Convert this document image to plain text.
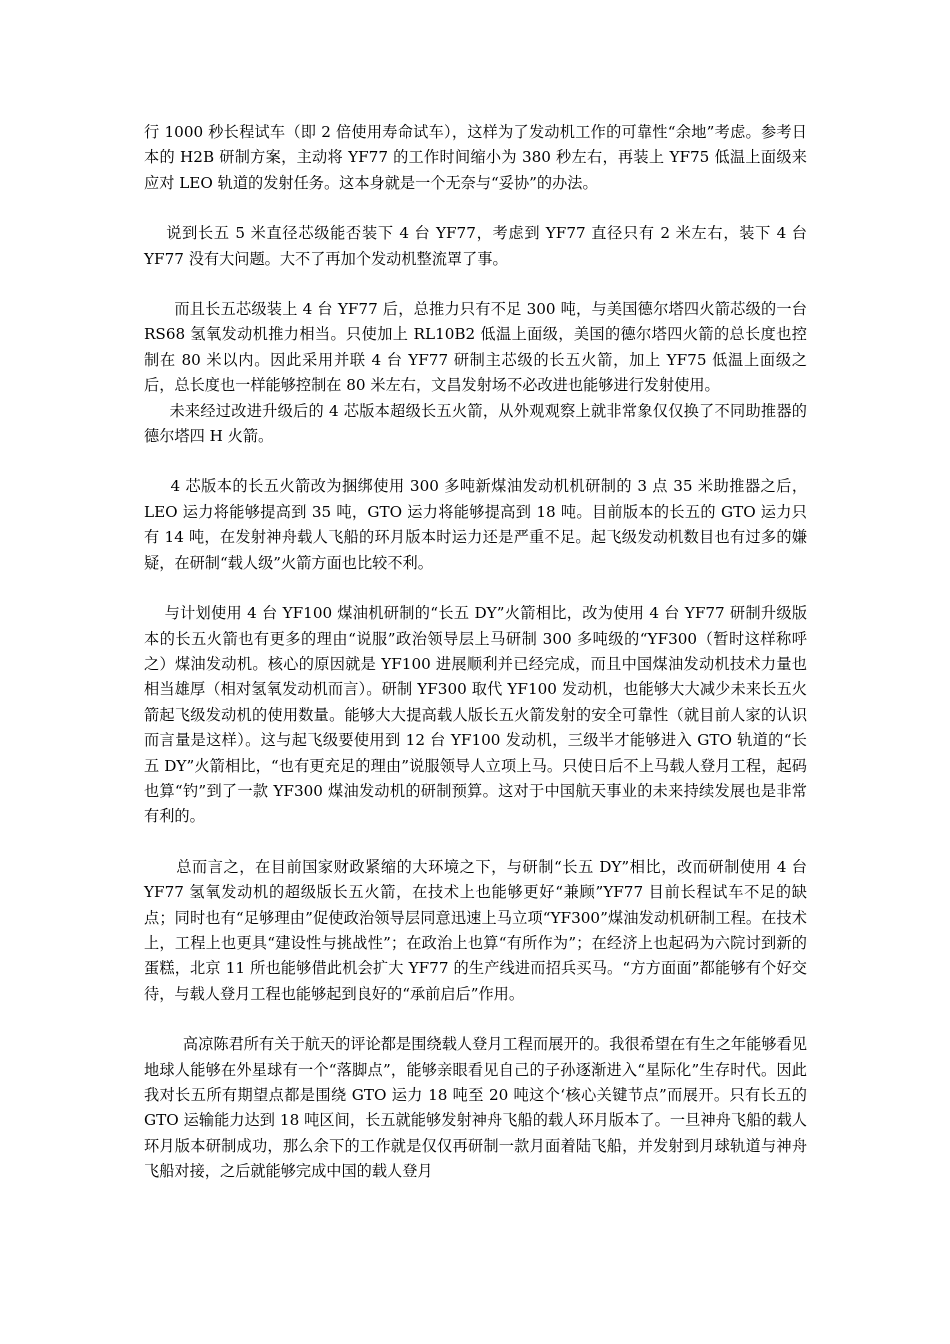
行 1000 秒长程试车（即 2 倍使用寿命试车），这样为了发动机工作的可靠性“余地”考虑。参考日本的 H2B 研制方案，主动将 YF77 的工作时间缩小为 380 秒左右，再装上 YF75 低温上面级来应对 LEO 轨道的发射任务。这本身就是一个无奈与“妥协”的办法。

说到长五 5 米直径芯级能否装下 4 台 YF77，考虑到 YF77 直径只有 2 米左右，装下 4 台 YF77 没有大问题。大不了再加个发动机整流罩了事。

而且长五芯级装上 4 台 YF77 后，总推力只有不足 300 吨，与美国德尔塔四火箭芯级的一台 RS68 氢氧发动机推力相当。只使加上 RL10B2 低温上面级，美国的德尔塔四火箭的总长度也控制在 80 米以内。因此采用并联 4 台 YF77 研制主芯级的长五火箭，加上 YF75 低温上面级之后，总长度也一样能够控制在 80 米左右，文昌发射场不必改进也能够进行发射使用。

未来经过改进升级后的 4 芯版本超级长五火箭，从外观观察上就非常象仅仅换了不同助推器的德尔塔四 H 火箭。

4 芯版本的长五火箭改为捆绑使用 300 多吨新煤油发动机机研制的 3 点 35 米助推器之后，LEO 运力将能够提高到 35 吨，GTO 运力将能够提高到 18 吨。目前版本的长五的 GTO 运力只有 14 吨，在发射神舟载人飞船的环月版本时运力还是严重不足。起飞级发动机数目也有过多的嫌疑，在研制“载人级”火箭方面也比较不利。

与计划使用 4 台 YF100 煤油机研制的“长五 DY”火箭相比，改为使用 4 台 YF77 研制升级版本的长五火箭也有更多的理由“说服”政治领导层上马研制 300 多吨级的“YF300（暂时这样称呼之）煤油发动机。核心的原因就是 YF100 进展顺利并已经完成，而且中国煤油发动机技术力量也相当雄厚（相对氢氧发动机而言）。研制 YF300 取代 YF100 发动机，也能够大大减少未来长五火箭起飞级发动机的使用数量。能够大大提高载人版长五火箭发射的安全可靠性（就目前人家的认识而言量是这样）。这与起飞级要使用到 12 台 YF100 发动机，三级半才能够进入 GTO 轨道的“长五 DY”火箭相比，“也有更充足的理由”说服领导人立项上马。只使日后不上马载人登月工程，起码也算“钓”到了一款 YF300 煤油发动机的研制预算。这对于中国航天事业的未来持续发展也是非常有利的。

总而言之，在目前国家财政紧缩的大环境之下，与研制“长五 DY”相比，改而研制使用 4 台 YF77 氢氧发动机的超级版长五火箭，在技术上也能够更好“兼顾”YF77 目前长程试车不足的缺点；同时也有“足够理由”促使政治领导层同意迅速上马立项“YF300”煤油发动机研制工程。在技术上，工程上也更具“建设性与挑战性”；在政治上也算“有所作为”；在经济上也起码为六院讨到新的蛋糕，北京 11 所也能够借此机会扩大 YF77 的生产线进而招兵买马。“方方面面”都能够有个好交待，与载人登月工程也能够起到良好的“承前启后”作用。

高凉陈君所有关于航天的评论都是围绕载人登月工程而展开的。我很希望在有生之年能够看见地球人能够在外星球有一个“落脚点”，能够亲眼看见自己的子孙逐渐进入“星际化”生存时代。因此我对长五所有期望点都是围绕 GTO 运力 18 吨至 20 吨这个‘核心关键节点”而展开。只有长五的 GTO 运输能力达到 18 吨区间，长五就能够发射神舟飞船的载人环月版本了。一旦神舟飞船的载人环月版本研制成功，那么余下的工作就是仅仅再研制一款月面着陆飞船，并发射到月球轨道与神舟飞船对接，之后就能够完成中国的载人登月
